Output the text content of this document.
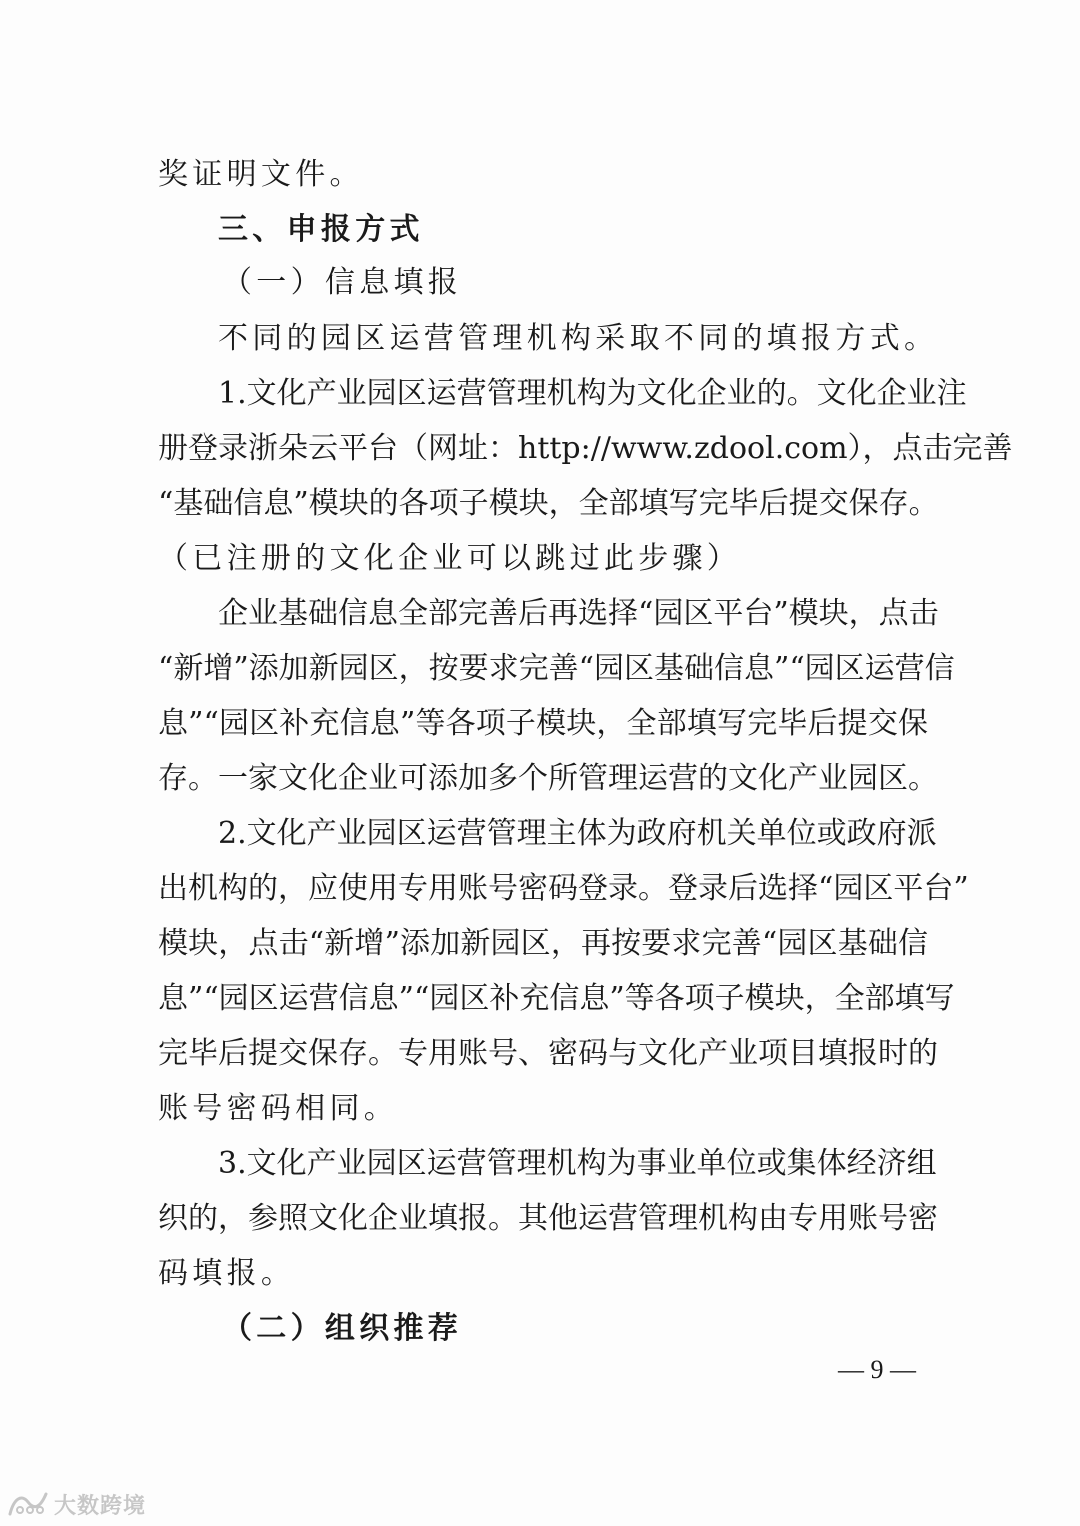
奖证明文件。
三、申报方式
（一）信息填报
不同的园区运营管理机构采取不同的填报方式。
1.文化产业园区运营管理机构为文化企业的。文化企业注
册登录浙朵云平台（网址：http://www.zdool.com），点击完善
“基础信息”模块的各项子模块，全部填写完毕后提交保存。
（已注册的文化企业可以跳过此步骤）
企业基础信息全部完善后再选择“园区平台”模块，点击
“新增”添加新园区，按要求完善“园区基础信息”“园区运营信
息”“园区补充信息”等各项子模块，全部填写完毕后提交保
存。一家文化企业可添加多个所管理运营的文化产业园区。
2.文化产业园区运营管理主体为政府机关单位或政府派
出机构的，应使用专用账号密码登录。登录后选择“园区平台”
模块，点击“新增”添加新园区，再按要求完善“园区基础信
息”“园区运营信息”“园区补充信息”等各项子模块，全部填写
完毕后提交保存。专用账号、密码与文化产业项目填报时的
账号密码相同。
3.文化产业园区运营管理机构为事业单位或集体经济组
织的，参照文化企业填报。其他运营管理机构由专用账号密
码填报。
（二）组织推荐
— 9 —
大数跨境
